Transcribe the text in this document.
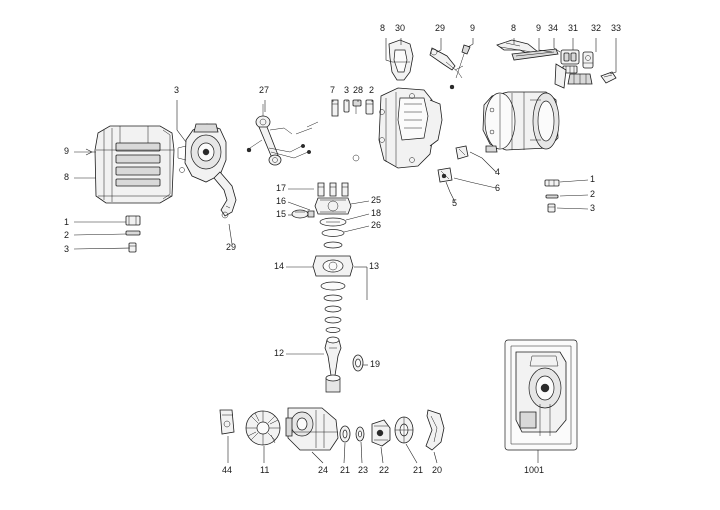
8 30	29	9	8 9 34 31 32 33
3	27	7 3 28 2
9
8	4
1
6
2
17
5	3
16	25
15	18
26
1
2
3	29
14	13
12
19
44	11	24 21 23 22	21 20	1001
